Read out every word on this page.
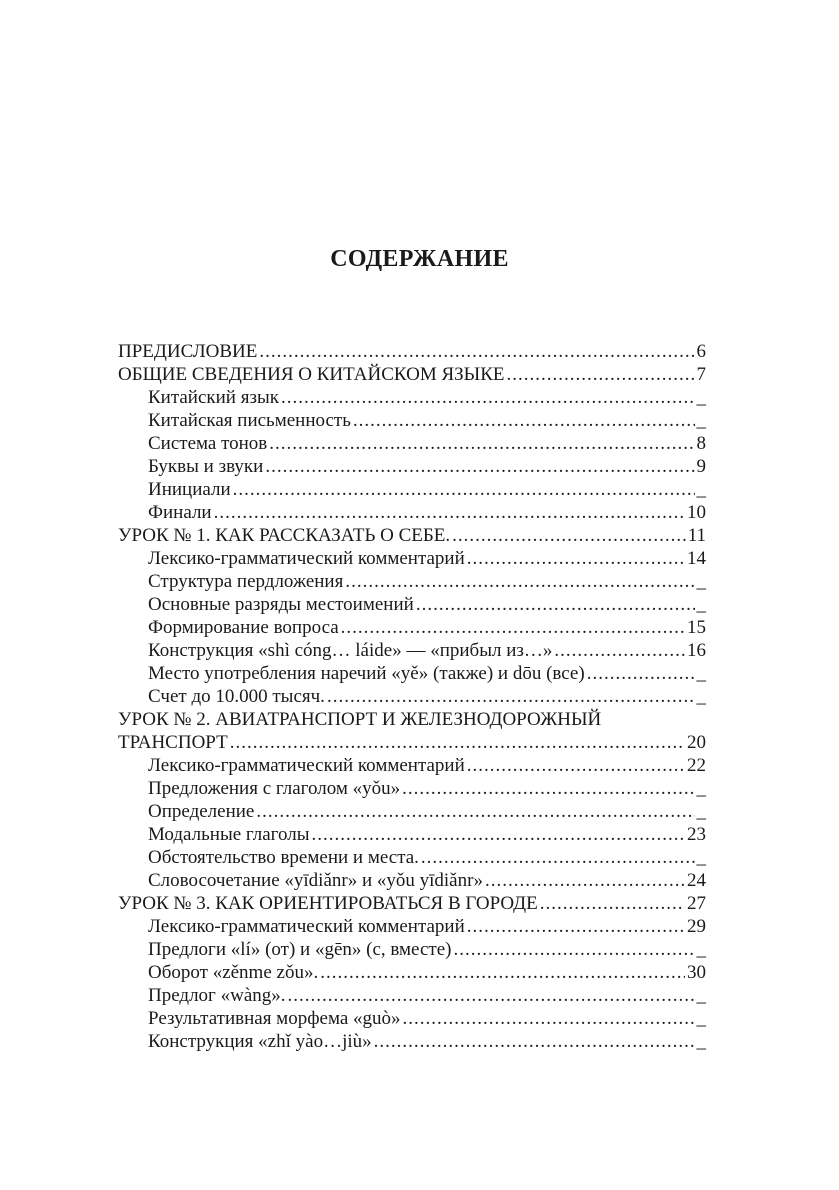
СОДЕРЖАНИЕ
ПРЕДИСЛОВИЕ .....	6
ОБЩИЕ СВЕДЕНИЯ О КИТАЙСКОМ ЯЗЫКЕ .....	7
Китайский язык .....	_
Китайская письменность .....	_
Система тонов .....	8
Буквы и звуки .....	9
Инициали .....	_
Финали .....	10
УРОК № 1. КАК РАССКАЗАТЬ О СЕБЕ. .....	11
Лексико-грамматический комментарий .....	14
Структура пердложения .....	_
Основные разряды местоимений .....	_
Формирование вопроса .....	15
Конструкция «shì cóng… láide» — «прибыл из…» .....	16
Место употребления наречий «yě» (также) и dōu (все) .....	_
Счет до 10.000 тысяч. .....	_
УРОК № 2. АВИАТРАНСПОРТ И ЖЕЛЕЗНОДОРОЖНЫЙ
ТРАНСПОРТ .....	20
Лексико-грамматический комментарий .....	22
Предложения с глаголом «yǒu» .....	_
Определение .....	_
Модальные глаголы .....	23
Обстоятельство времени и места. .....	_
Словосочетание «yīdiǎnr» и «yǒu yīdiǎnr» .....	24
УРОК № 3. КАК ОРИЕНТИРОВАТЬСЯ В ГОРОДЕ .....	27
Лексико-грамматический комментарий .....	29
Предлоги «lí» (от) и «gēn» (с, вместе) .....	_
Оборот «zěnme zǒu». .....	30
Предлог «wàng». .....	_
Результативная морфема «guò» .....	_
Конструкция «zhǐ yào…jiù» .....	_
